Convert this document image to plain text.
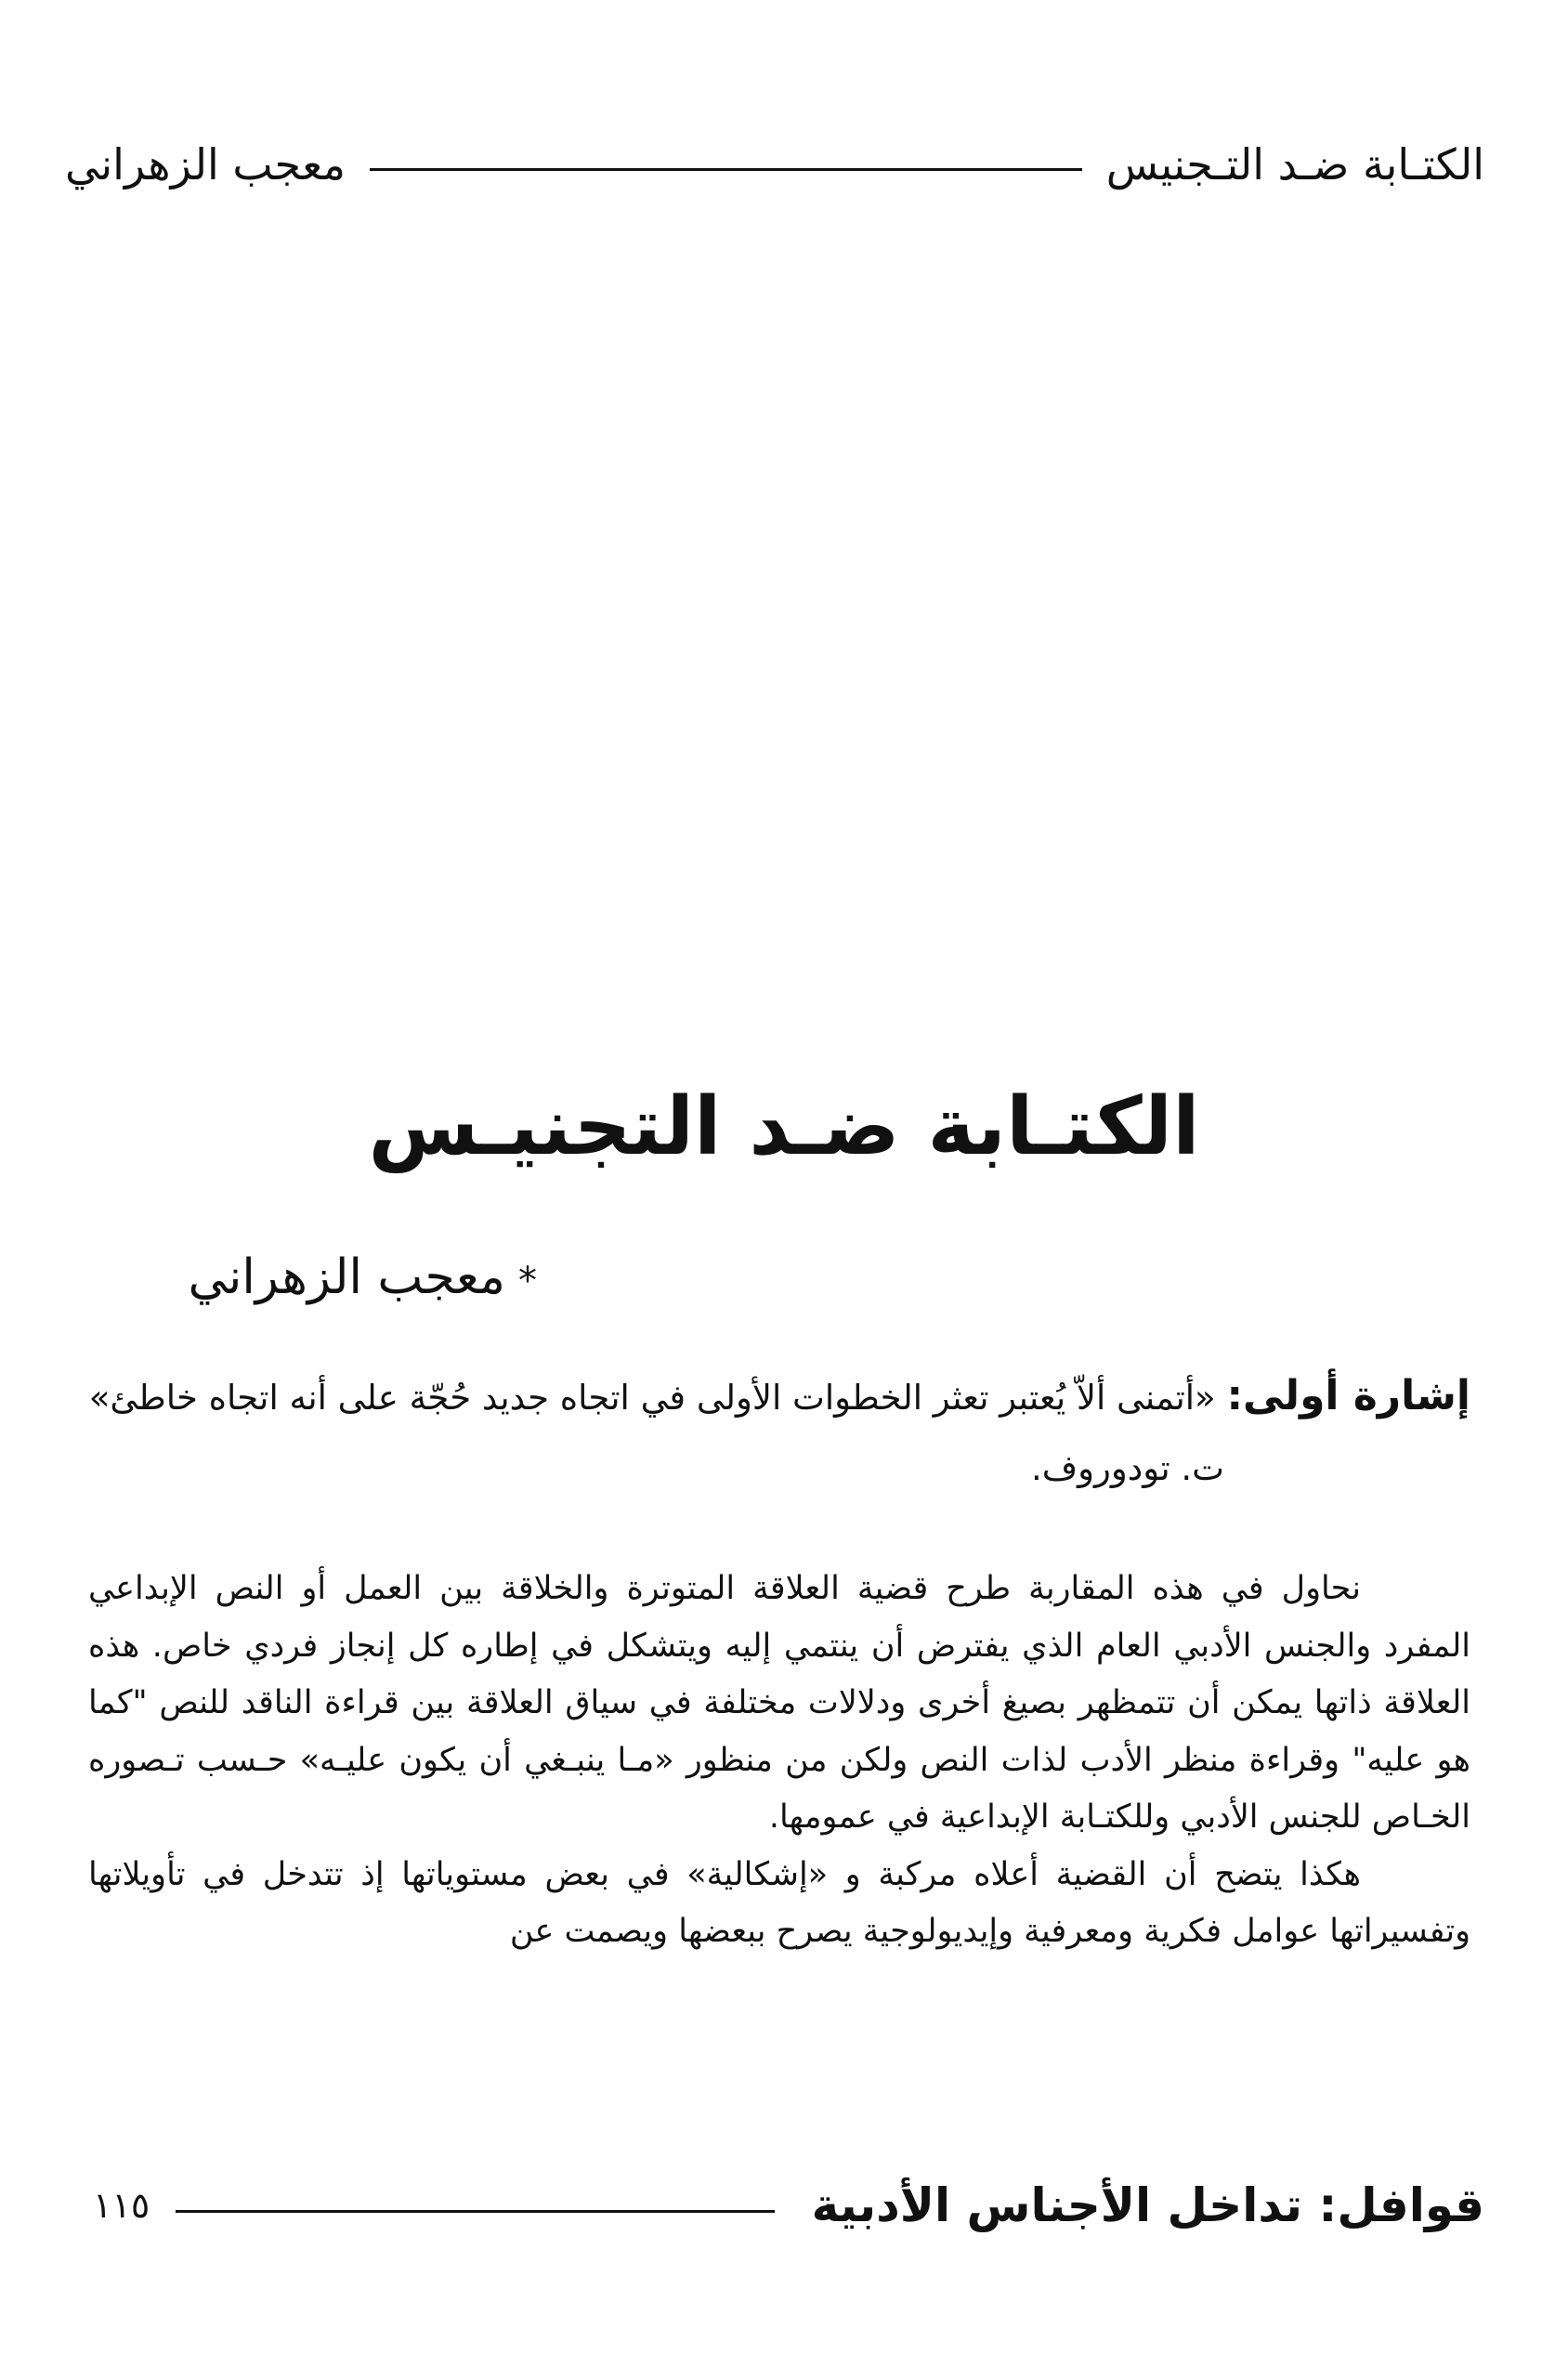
الكتـابة ضـد التـجنيس
معجب الزهراني
الكتـابة ضـد التجنيـس
*معجب الزهراني
إشارة أولى: «أتمنى ألاّ يُعتبر تعثر الخطوات الأولى في اتجاه جديد حُجّة على أنه اتجاه خاطئ»
ت. تودوروف.

نحاول في هذه المقاربة طرح قضية العلاقة المتوترة والخلاقة بين العمل أو النص الإبداعي المفرد والجنس الأدبي العام الذي يفترض أن ينتمي إليه ويتشكل في إطاره كل إنجاز فردي خاص. هذه العلاقة ذاتها يمكن أن تتمظهر بصيغ أخرى ودلالات مختلفة في سياق العلاقة بين قراءة الناقد للنص "كما هو عليه" وقراءة منظر الأدب لذات النص ولكن من منظور «مـا ينبـغي أن يكون عليـه» حـسب تـصوره الخـاص للجنس الأدبي وللكتـابة الإبداعية في عمومها.

هكذا يتضح أن القضية أعلاه مركبة و «إشكالية» في بعض مستوياتها إذ تتدخل في تأويلاتها وتفسيراتها عوامل فكرية ومعرفية وإيديولوجية يصرح ببعضها ويصمت عن

قوافل: تداخل الأجناس الأدبية
١١٥
